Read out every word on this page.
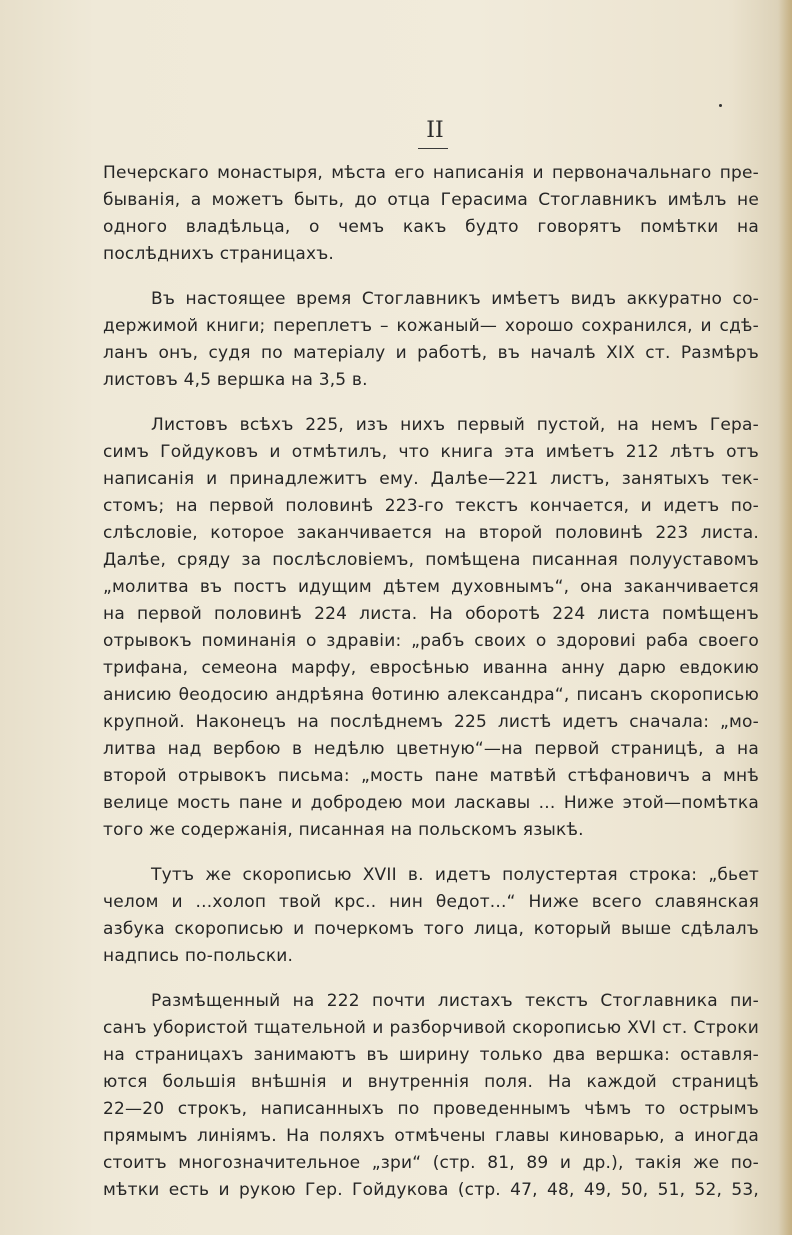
II

Печерскаго монастыря, мѣста его написанія и первоначальнаго пре-
быванія, а можетъ быть, до отца Герасима Стоглавникъ имѣлъ не
одного владѣльца, о чемъ какъ будто говорятъ помѣтки на
послѣднихъ страницахъ.

Въ настоящее время Стоглавникъ имѣетъ видъ аккуратно со-
держимой книги; переплетъ – кожаный— хорошо сохранился, и сдѣ-
ланъ онъ, судя по матеріалу и работѣ, въ началѣ XIX ст. Размѣръ
листовъ 4,5 вершка на 3,5 в.

Листовъ всѣхъ 225, изъ нихъ первый пустой, на немъ Гера-
симъ Гойдуковъ и отмѣтилъ, что книга эта имѣетъ 212 лѣтъ отъ
написанія и принадлежитъ ему. Далѣе—221 листъ, занятыхъ тек-
стомъ; на первой половинѣ 223-го текстъ кончается, и идетъ по-
слѣсловіе, которое заканчивается на второй половинѣ 223 листа.
Далѣе, сряду за послѣсловіемъ, помѣщена писанная полууставомъ
„молитва въ постъ идущим дѣтем духовнымъ“, она заканчивается
на первой половинѣ 224 листа. На оборотѣ 224 листа помѣщенъ
отрывокъ поминанія о здравіи: „рабъ своих о здоровиі раба своего
трифана, семеона марфу, евросѣнью иванна анну дарю евдокию
анисию θеодосию андрѣяна θотиню александра“, писанъ скорописью
крупной. Наконецъ на послѣднемъ 225 листѣ идетъ сначала: „мо-
литва над вербою в недѣлю цветную“—на первой страницѣ, а на
второй отрывокъ письма: „мость пане матвѣй стѣфановичъ а мнѣ
велице мость пане и добродею мои ласкавы ... Ниже этой—помѣтка
того же содержанія, писанная на польскомъ языкѣ.

Тутъ же скорописью XVII в. идетъ полустертая строка: „бьет
челом и ...холоп твой крс.. нин θедот...“ Ниже всего славянская
азбука скорописью и почеркомъ того лица, который выше сдѣлалъ
надпись по-польски.

Размѣщенный на 222 почти листахъ текстъ Стоглавника пи-
санъ убористой тщательной и разборчивой скорописью XVI ст. Строки
на страницахъ занимаютъ въ ширину только два вершка: оставля-
ются большія внѣшнія и внутреннія поля. На каждой страницѣ
22—20 строкъ, написанныхъ по проведеннымъ чѣмъ то острымъ
прямымъ линіямъ. На поляхъ отмѣчены главы киноварью, а иногда
стоитъ многозначительное „зри“ (стр. 81, 89 и др.), такія же по-
мѣтки есть и рукою Гер. Гойдукова (стр. 47, 48, 49, 50, 51, 52, 53,
